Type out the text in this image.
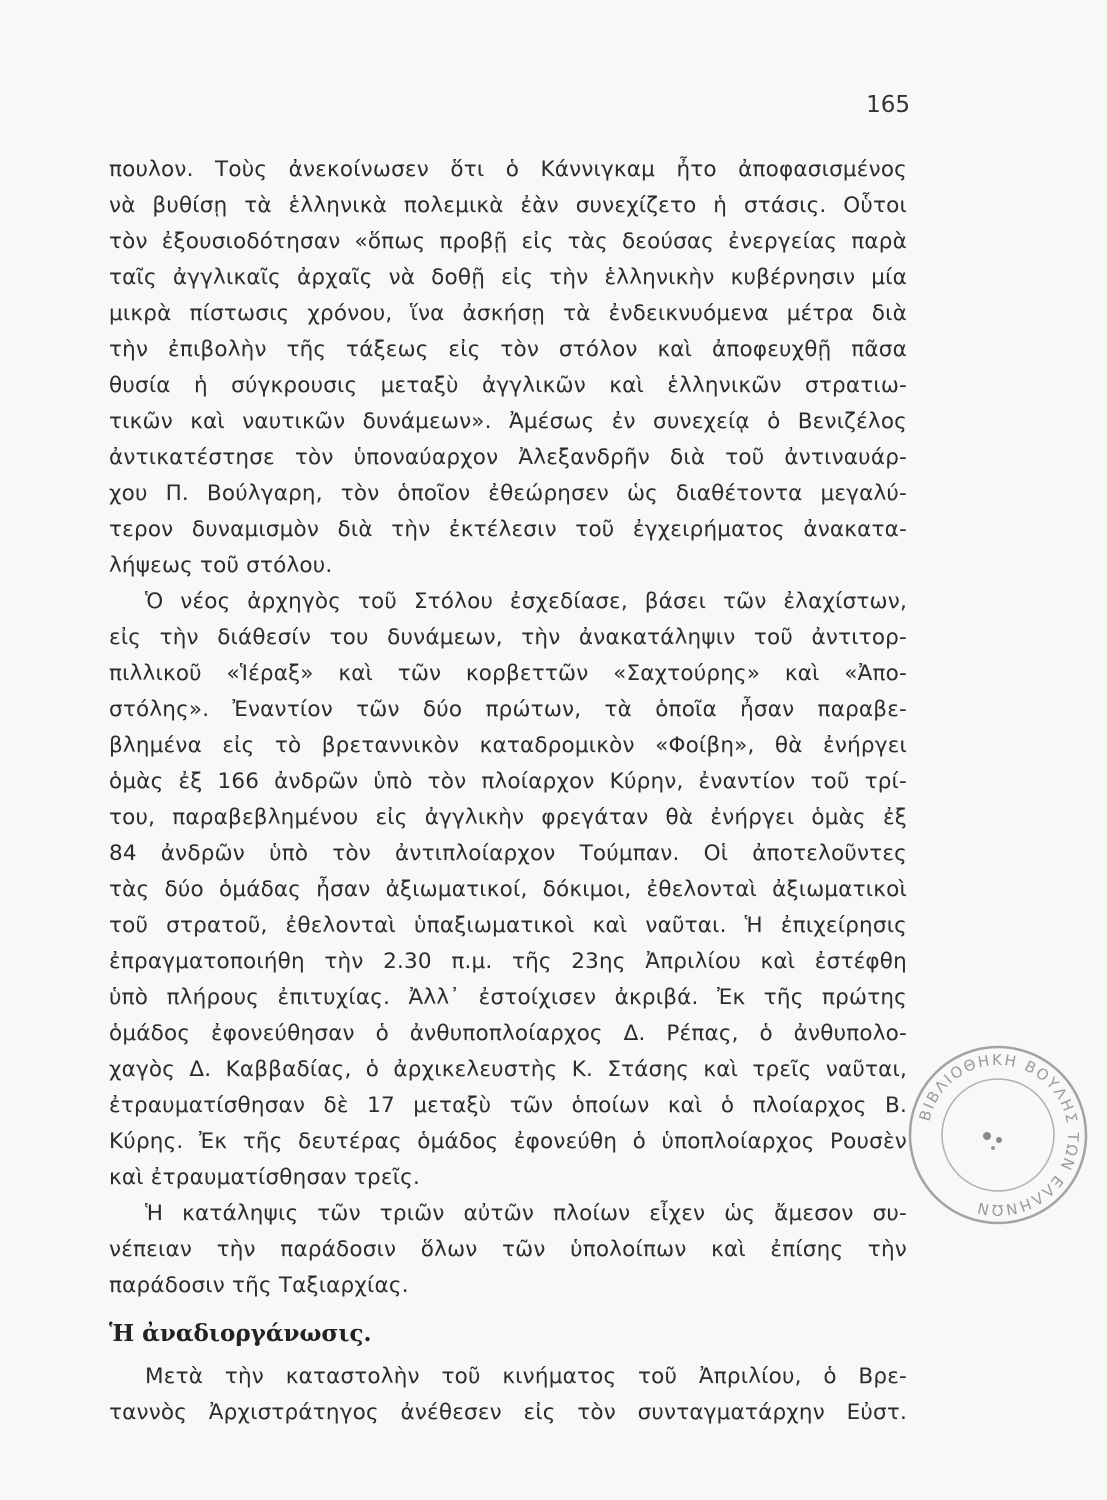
165
πουλον. Τοὺς ἀνεκοίνωσεν ὅτι ὁ Κάννιγκαμ ἦτο ἀποφασισμένος
νὰ βυθίσῃ τὰ ἑλληνικὰ πολεμικὰ ἐὰν συνεχίζετο ἡ στάσις. Οὗτοι
τὸν ἐξουσιοδότησαν «ὅπως προβῇ εἰς τὰς δεούσας ἐνεργείας παρὰ
ταῖς ἀγγλικαῖς ἀρχαῖς νὰ δοθῇ εἰς τὴν ἑλληνικὴν κυβέρνησιν μία
μικρὰ πίστωσις χρόνου, ἵνα ἀσκήσῃ τὰ ἐνδεικνυόμενα μέτρα διὰ
τὴν ἐπιβολὴν τῆς τάξεως εἰς τὸν στόλον καὶ ἀποφευχθῇ πᾶσα
θυσία ἡ σύγκρουσις μεταξὺ ἀγγλικῶν καὶ ἑλληνικῶν στρατιω-
τικῶν καὶ ναυτικῶν δυνάμεων». Ἀμέσως ἐν συνεχείᾳ ὁ Βενιζέλος
ἀντικατέστησε τὸν ὑποναύαρχον Ἀλεξανδρῆν διὰ τοῦ ἀντιναυάρ-
χου Π. Βούλγαρη, τὸν ὁποῖον ἐθεώρησεν ὡς διαθέτοντα μεγαλύ-
τερον δυναμισμὸν διὰ τὴν ἐκτέλεσιν τοῦ ἐγχειρήματος ἀνακατα-
λήψεως τοῦ στόλου.
Ὁ νέος ἀρχηγὸς τοῦ Στόλου ἐσχεδίασε, βάσει τῶν ἐλαχίστων,
εἰς τὴν διάθεσίν του δυνάμεων, τὴν ἀνακατάληψιν τοῦ ἀντιτορ-
πιλλικοῦ «Ἱέραξ» καὶ τῶν κορβεττῶν «Σαχτούρης» καὶ «Ἀπο-
στόλης». Ἐναντίον τῶν δύο πρώτων, τὰ ὁποῖα ἦσαν παραβε-
βλημένα εἰς τὸ βρεταννικὸν καταδρομικὸν «Φοίβη», θὰ ἐνήργει
ὁμὰς ἐξ 166 ἀνδρῶν ὑπὸ τὸν πλοίαρχον Κύρην, ἐναντίον τοῦ τρί-
του, παραβεβλημένου εἰς ἀγγλικὴν φρεγάταν θὰ ἐνήργει ὁμὰς ἐξ
84 ἀνδρῶν ὑπὸ τὸν ἀντιπλοίαρχον Τούμπαν. Οἱ ἀποτελοῦντες
τὰς δύο ὁμάδας ἦσαν ἀξιωματικοί, δόκιμοι, ἐθελονταὶ ἀξιωματικοὶ
τοῦ στρατοῦ, ἐθελονταὶ ὑπαξιωματικοὶ καὶ ναῦται. Ἡ ἐπιχείρησις
ἐπραγματοποιήθη τὴν 2.30 π.μ. τῆς 23ης Ἀπριλίου καὶ ἐστέφθη
ὑπὸ πλήρους ἐπιτυχίας. Ἀλλ᾽ ἐστοίχισεν ἀκριβά. Ἐκ τῆς πρώτης
ὁμάδος ἐφονεύθησαν ὁ ἀνθυποπλοίαρχος Δ. Ρέπας, ὁ ἀνθυπολο-
χαγὸς Δ. Καββαδίας, ὁ ἀρχικελευστὴς Κ. Στάσης καὶ τρεῖς ναῦται,
ἐτραυματίσθησαν δὲ 17 μεταξὺ τῶν ὁποίων καὶ ὁ πλοίαρχος Β.
Κύρης. Ἐκ τῆς δευτέρας ὁμάδος ἐφονεύθη ὁ ὑποπλοίαρχος Ρουσὲν
καὶ ἐτραυματίσθησαν τρεῖς.
Ἡ κατάληψις τῶν τριῶν αὐτῶν πλοίων εἶχεν ὡς ἄμεσον συ-
νέπειαν τὴν παράδοσιν ὅλων τῶν ὑπολοίπων καὶ ἐπίσης τὴν
παράδοσιν τῆς Ταξιαρχίας.
Ἡ ἀναδιοργάνωσις.
Μετὰ τὴν καταστολὴν τοῦ κινήματος τοῦ Ἀπριλίου, ὁ Βρε-
ταννὸς Ἀρχιστράτηγος ἀνέθεσεν εἰς τὸν συνταγματάρχην Εὐστ.
ΒΙΒΛΙΟΘΗΚΗ ΒΟΥΛΗΣ ΤΩΝ ΕΛΛΗΝΩΝ
